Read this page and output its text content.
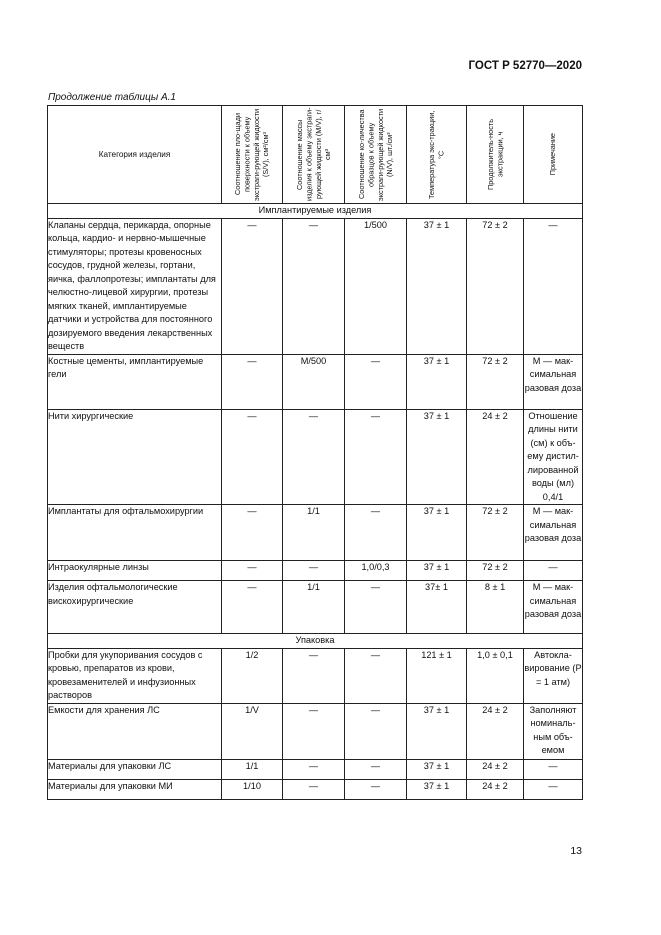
ГОСТ Р 52770—2020
Продолжение таблицы А.1
Категория изделия	Соотношение пло-щади поверхности к объему экстраги-рующей жидкости (S/V), см²/см³	Соотношение массы изделия к объему экстраги-рующей жидкости (M/V), г/см³	Соотношение ко-личества образцов к объему экстраги-рующей жидкости (N/V), шт./см³	Температура экс-тракции, °С	Продолжитель-ность экстракции, ч	Примечание

Имплантируемые изделия						
Клапаны сердца, перикарда, опорные кольца, кардио- и нервно-мышечные стимуляторы; протезы кровеносных сосудов, грудной железы, гортани, яичка, фаллопротезы; имплантаты для челюстно-лицевой хирургии, протезы мягких тканей, имплантируемые датчики и устройства для постоянного дозируемого введения лекарственных веществ	—	—	1/500	37 ± 1	72 ± 2	—
Костные цементы, имплантируемые гели	—	М/500	—	37 ± 1	72 ± 2	М — мак-симальная разовая доза
Нити хирургические	—	—	—	37 ± 1	24 ± 2	Отношение длины нити (см) к объ-ему дистил-лированной воды (мл) 0,4/1
Имплантаты для офтальмохирургии	—	1/1	—	37 ± 1	72 ± 2	М — мак-симальная разовая доза
Интраокулярные линзы	—	—	1,0/0,3	37 ± 1	72 ± 2	—
Изделия офтальмологические вискохирургические	—	1/1	—	37± 1	8 ± 1	М — мак-симальная разовая доза
Упаковка						
Пробки для укупоривания сосудов с кровью, препаратов из крови, кровезаменителей и инфузионных растворов	1/2	—	—	121 ± 1	1,0 ± 0,1	Автокла-вирование (Р = 1 атм)
Емкости для хранения ЛС	1/V	—	—	37 ± 1	24 ± 2	Заполняют номиналь-ным объ-емом
Материалы для упаковки ЛС	1/1	—	—	37 ± 1	24 ± 2	—
Материалы для упаковки МИ	1/10	—	—	37 ± 1	24 ± 2	—
13
